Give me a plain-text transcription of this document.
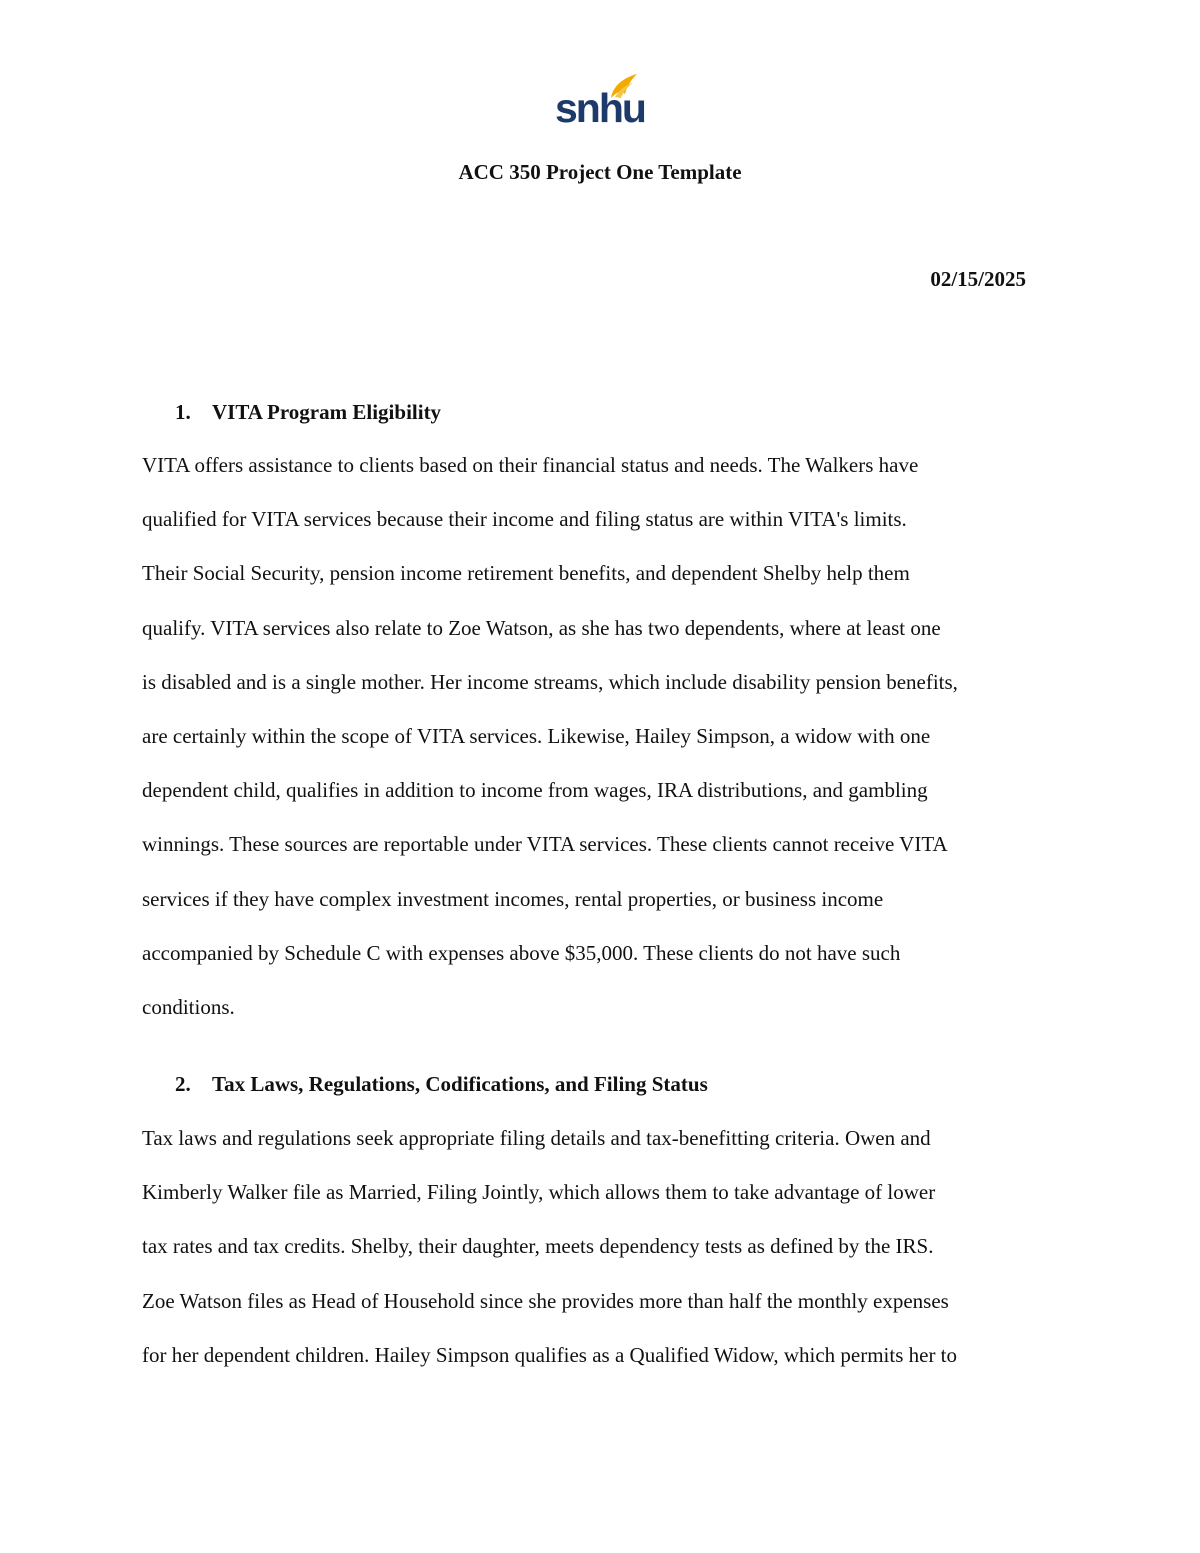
snhu
ACC 350 Project One Template
02/15/2025
1. VITA Program Eligibility
VITA offers assistance to clients based on their financial status and needs. The Walkers have
qualified for VITA services because their income and filing status are within VITA's limits.
Their Social Security, pension income retirement benefits, and dependent Shelby help them
qualify. VITA services also relate to Zoe Watson, as she has two dependents, where at least one
is disabled and is a single mother. Her income streams, which include disability pension benefits,
are certainly within the scope of VITA services. Likewise, Hailey Simpson, a widow with one
dependent child, qualifies in addition to income from wages, IRA distributions, and gambling
winnings. These sources are reportable under VITA services. These clients cannot receive VITA
services if they have complex investment incomes, rental properties, or business income
accompanied by Schedule C with expenses above $35,000. These clients do not have such
conditions.
2. Tax Laws, Regulations, Codifications, and Filing Status
Tax laws and regulations seek appropriate filing details and tax-benefitting criteria. Owen and
Kimberly Walker file as Married, Filing Jointly, which allows them to take advantage of lower
tax rates and tax credits. Shelby, their daughter, meets dependency tests as defined by the IRS.
Zoe Watson files as Head of Household since she provides more than half the monthly expenses
for her dependent children. Hailey Simpson qualifies as a Qualified Widow, which permits her to
